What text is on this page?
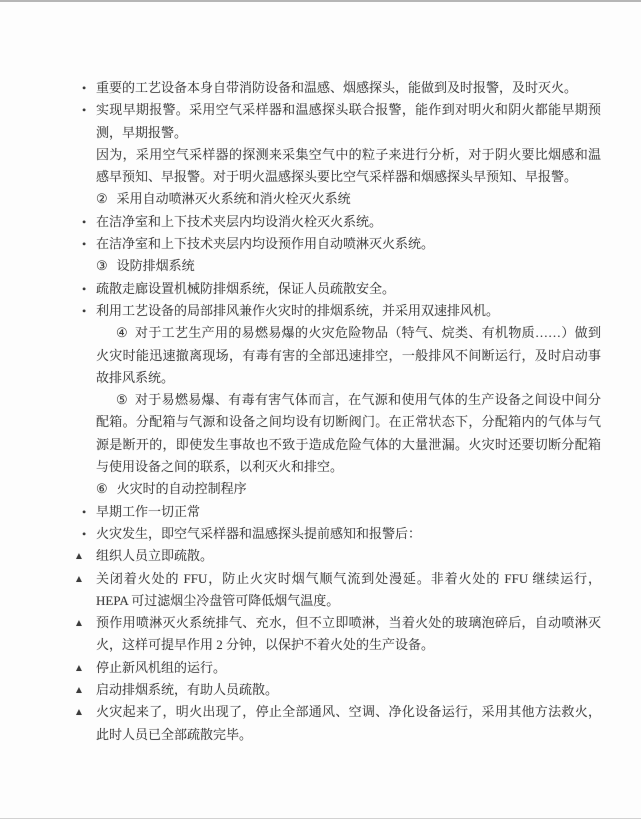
• 重要的工艺设备本身自带消防设备和温感、烟感探头，能做到及时报警，及时灭火。
• 实现早期报警。采用空气采样器和温感探头联合报警，能作到对明火和阴火都能早期预测，早期报警。
因为，采用空气采样器的探测来采集空气中的粒子来进行分析，对于阴火要比烟感和温感早预知、早报警。对于明火温感探头要比空气采样器和烟感探头早预知、早报警。
② 采用自动喷淋灭火系统和消火栓灭火系统
• 在洁净室和上下技术夹层内均设消火栓灭火系统。
• 在洁净室和上下技术夹层内均设预作用自动喷淋灭火系统。
③ 设防排烟系统
• 疏散走廊设置机械防排烟系统，保证人员疏散安全。
• 利用工艺设备的局部排风兼作火灾时的排烟系统，并采用双速排风机。

④ 对于工艺生产用的易燃易爆的火灾危险物品（特气、烷类、有机物质……）做到火灾时能迅速撤离现场，有毒有害的全部迅速排空，一般排风不间断运行，及时启动事故排风系统。

⑤ 对于易燃易爆、有毒有害气体而言，在气源和使用气体的生产设备之间设中间分配箱。分配箱与气源和设备之间均设有切断阀门。在正常状态下，分配箱内的气体与气源是断开的，即使发生事故也不致于造成危险气体的大量泄漏。火灾时还要切断分配箱与使用设备之间的联系，以利灭火和排空。

⑥ 火灾时的自动控制程序
• 早期工作一切正常
• 火灾发生，即空气采样器和温感探头提前感知和报警后：
▲ 组织人员立即疏散。
▲ 关闭着火处的 FFU，防止火灾时烟气顺气流到处漫延。非着火处的 FFU 继续运行，HEPA 可过滤烟尘冷盘管可降低烟气温度。
▲ 预作用喷淋灭火系统排气、充水，但不立即喷淋，当着火处的玻璃泡碎后，自动喷淋灭火，这样可提早作用 2 分钟，以保护不着火处的生产设备。
▲ 停止新风机组的运行。
▲ 启动排烟系统，有助人员疏散。
▲ 火灾起来了，明火出现了，停止全部通风、空调、净化设备运行，采用其他方法救火，此时人员已全部疏散完毕。
